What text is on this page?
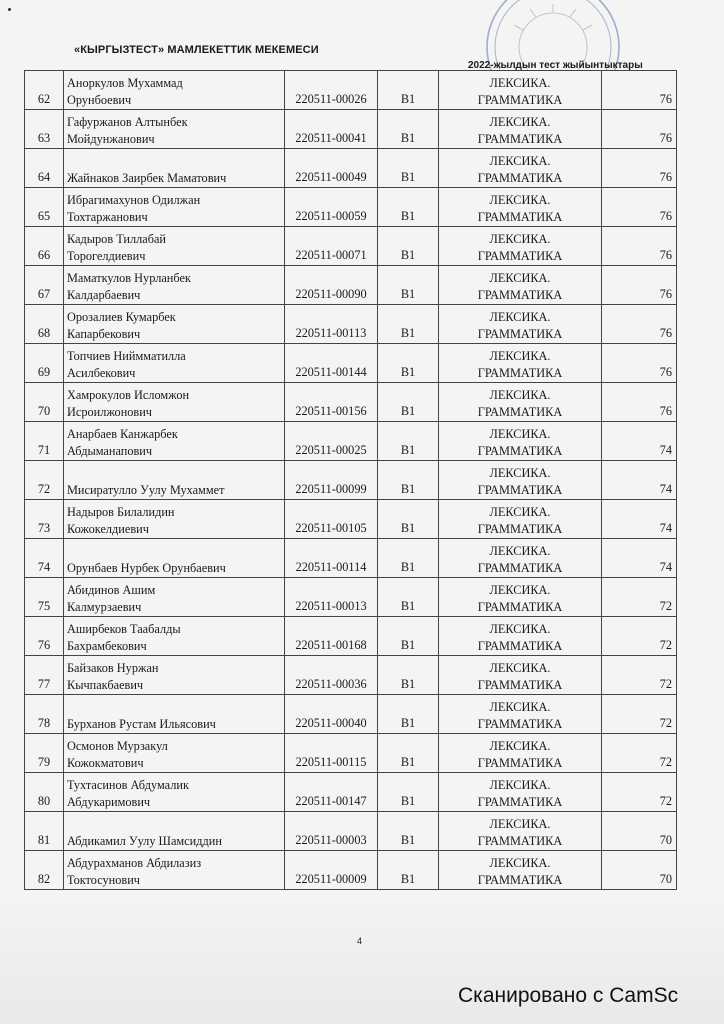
«КЫРГЫЗТЕСТ» МАМЛЕКЕТТИК МЕКЕМЕСИ
2022-жылдын тест жыйынтыктары
62	Аноркулов Мухаммад
Орунбоевич	220511-00026	B1	ЛЕКСИКА.
ГРАММАТИКА	76
63	Гафуржанов Алтынбек
Мойдунжанович	220511-00041	B1	ЛЕКСИКА.
ГРАММАТИКА	76
64	Жайнаков Заирбек Маматович	220511-00049	B1	ЛЕКСИКА.
ГРАММАТИКА	76
65	Ибрагимахунов Одилжан
Тохтаржанович	220511-00059	B1	ЛЕКСИКА.
ГРАММАТИКА	76
66	Кадыров Тиллабай
Торогелдиевич	220511-00071	B1	ЛЕКСИКА.
ГРАММАТИКА	76
67	Маматкулов Нурланбек
Калдарбаевич	220511-00090	B1	ЛЕКСИКА.
ГРАММАТИКА	76
68	Орозалиев Кумарбек
Капарбекович	220511-00113	B1	ЛЕКСИКА.
ГРАММАТИКА	76
69	Топчиев Ниймматилла
Асилбекович	220511-00144	B1	ЛЕКСИКА.
ГРАММАТИКА	76
70	Хамрокулов Исломжон
Исроилжонович	220511-00156	B1	ЛЕКСИКА.
ГРАММАТИКА	76
71	Анарбаев Канжарбек
Абдыманапович	220511-00025	B1	ЛЕКСИКА.
ГРАММАТИКА	74
72	Мисиратулло Уулу Мухаммет	220511-00099	B1	ЛЕКСИКА.
ГРАММАТИКА	74
73	Надыров Билалидин
Кожокелдиевич	220511-00105	B1	ЛЕКСИКА.
ГРАММАТИКА	74
74	Орунбаев Нурбек Орунбаевич	220511-00114	B1	ЛЕКСИКА.
ГРАММАТИКА	74
75	Абидинов Ашим
Калмурзаевич	220511-00013	B1	ЛЕКСИКА.
ГРАММАТИКА	72
76	Аширбеков Таабалды
Бахрамбекович	220511-00168	B1	ЛЕКСИКА.
ГРАММАТИКА	72
77	Байзаков Нуржан
Кычпакбаевич	220511-00036	B1	ЛЕКСИКА.
ГРАММАТИКА	72
78	Бурханов Рустам Ильясович	220511-00040	B1	ЛЕКСИКА.
ГРАММАТИКА	72
79	Осмонов Мурзакул
Кожокматович	220511-00115	B1	ЛЕКСИКА.
ГРАММАТИКА	72
80	Тухтасинов Абдумалик
Абдукаримович	220511-00147	B1	ЛЕКСИКА.
ГРАММАТИКА	72
81	Абдикамил Уулу Шамсиддин	220511-00003	B1	ЛЕКСИКА.
ГРАММАТИКА	70
82	Абдурахманов Абдилазиз
Токтосунович	220511-00009	B1	ЛЕКСИКА.
ГРАММАТИКА	70
4
Сканировано с CamSc
